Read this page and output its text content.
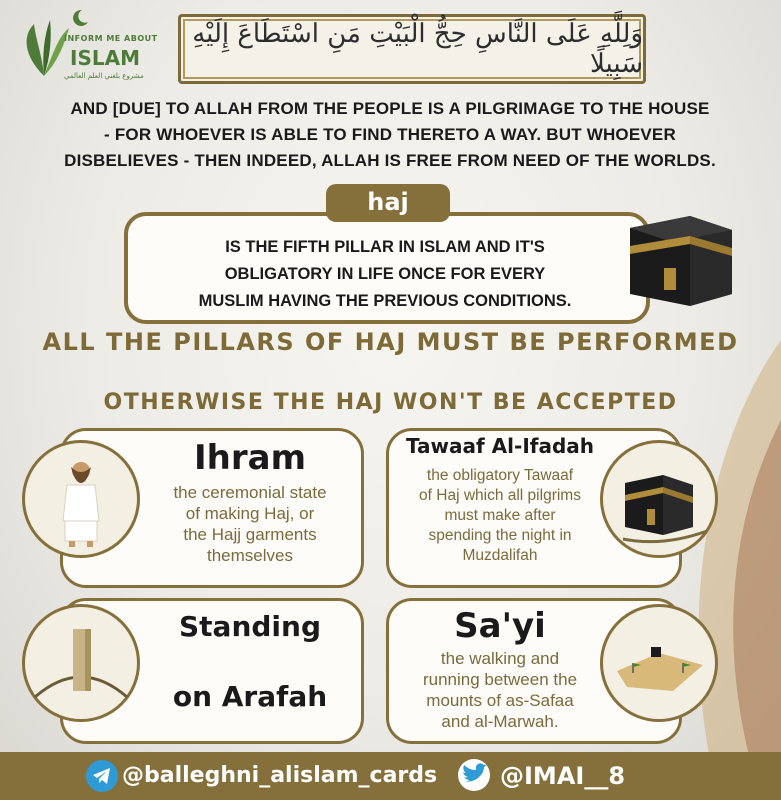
INFORM ME ABOUT
ISLAM
مشروع بلغني العلم العالمي
وَلِلَّهِ عَلَى النَّاسِ حِجُّ الْبَيْتِ مَنِ اسْتَطَاعَ إِلَيْهِ سَبِيلًا
AND [DUE] TO ALLAH FROM THE PEOPLE IS A PILGRIMAGE TO THE HOUSE
- FOR WHOEVER IS ABLE TO FIND THERETO A WAY. BUT WHOEVER
DISBELIEVES - THEN INDEED, ALLAH IS FREE FROM NEED OF THE WORLDS.
haj
IS THE FIFTH PILLAR IN ISLAM AND IT'S
OBLIGATORY IN LIFE ONCE FOR EVERY
MUSLIM HAVING THE PREVIOUS CONDITIONS.
ALL THE PILLARS OF HAJ MUST BE PERFORMED
OTHERWISE THE HAJ WON'T BE ACCEPTED
Ihram
the ceremonial state
of making Haj, or
the Hajj garments
themselves
Tawaaf Al-Ifadah
the obligatory Tawaaf
of Haj which all pilgrims
must make after
spending the night in
Muzdalifah
Standing
on Arafah
Sa'yi
the walking and
running between the
mounts of as-Safaa
and al-Marwah.
@balleghni_alislam_cards	@IMAI__8
